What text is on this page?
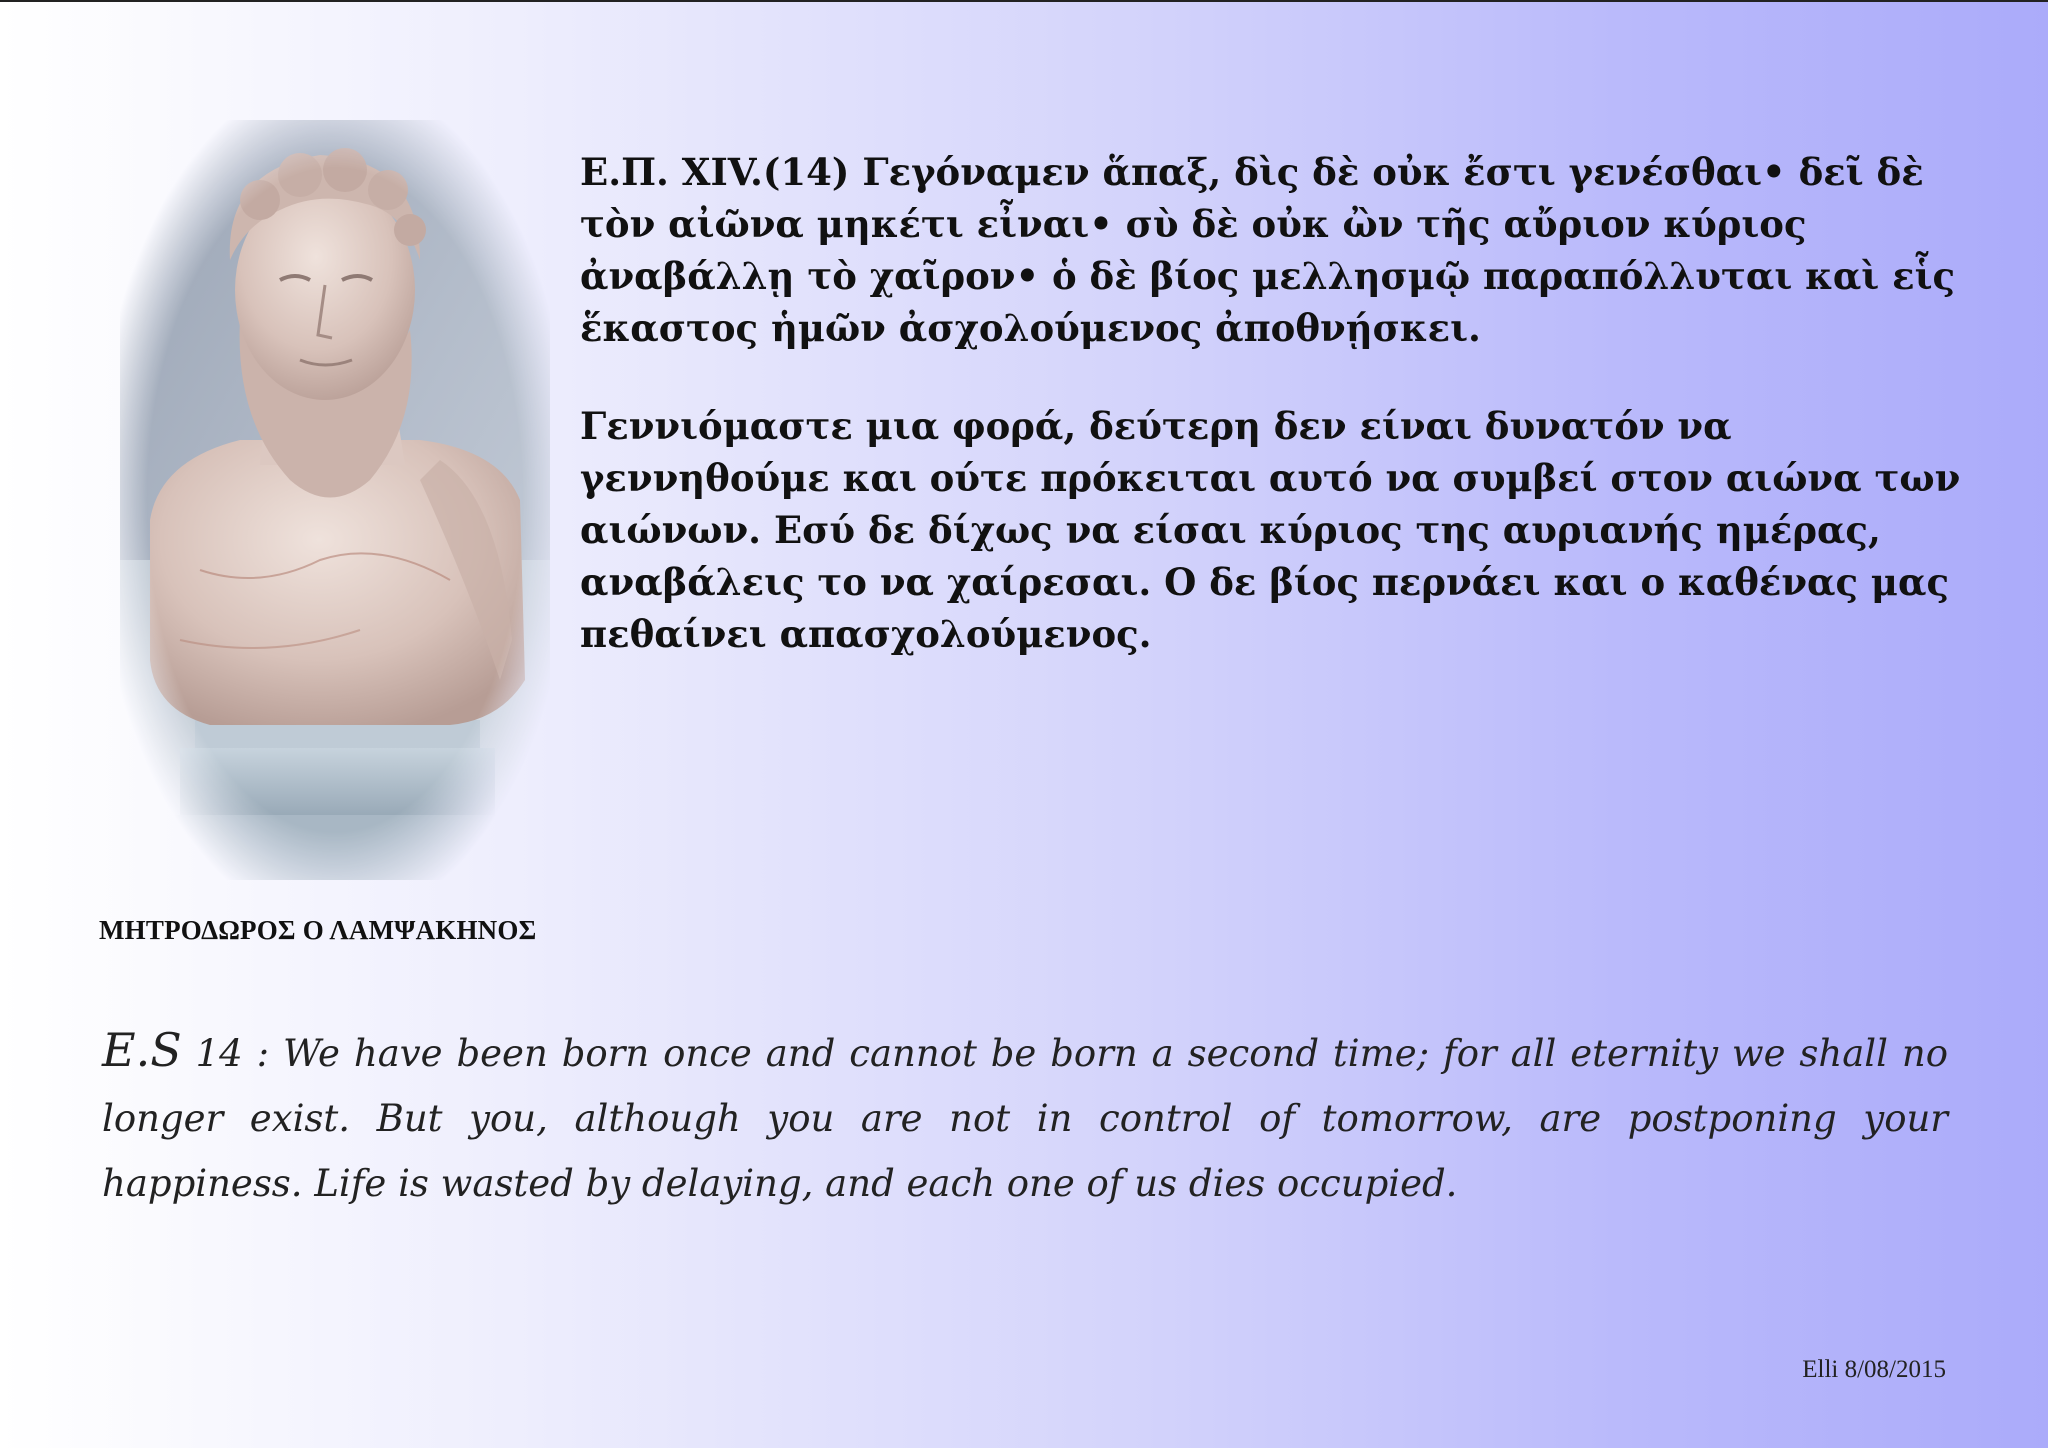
Ε.Π. XIV.(14) Γεγόναμεν ἅπαξ, δὶς δὲ οὐκ ἔστι γενέσθαι• δεῖ δὲ τὸν αἰῶνα μηκέτι εἶναι• σὺ δὲ οὐκ ὢν τῆς αὔριον κύριος ἀναβάλλῃ τὸ χαῖρον• ὁ δὲ βίος μελλησμῷ παραπόλλυται καὶ εἷς ἕκαστος ἡμῶν ἀσχολούμενος ἀποθνῄσκει.

Γεννιόμαστε μια φορά, δεύτερη δεν είναι δυνατόν να γεννηθούμε και ούτε πρόκειται αυτό να συμβεί στον αιώνα των αιώνων. Εσύ δε δίχως να είσαι κύριος της αυριανής ημέρας, αναβάλεις το να χαίρεσαι. Ο δε βίος περνάει και ο καθένας μας πεθαίνει απασχολούμενος.

ΜΗΤΡΟΔΩΡΟΣ Ο ΛΑΜΨΑΚΗΝΟΣ
E.S 14 : We have been born once and cannot be born a second time; for all eternity we shall no longer exist. But you, although you are not in control of tomorrow, are postponing your happiness. Life is wasted by delaying, and each one of us dies occupied.
Elli 8/08/2015
